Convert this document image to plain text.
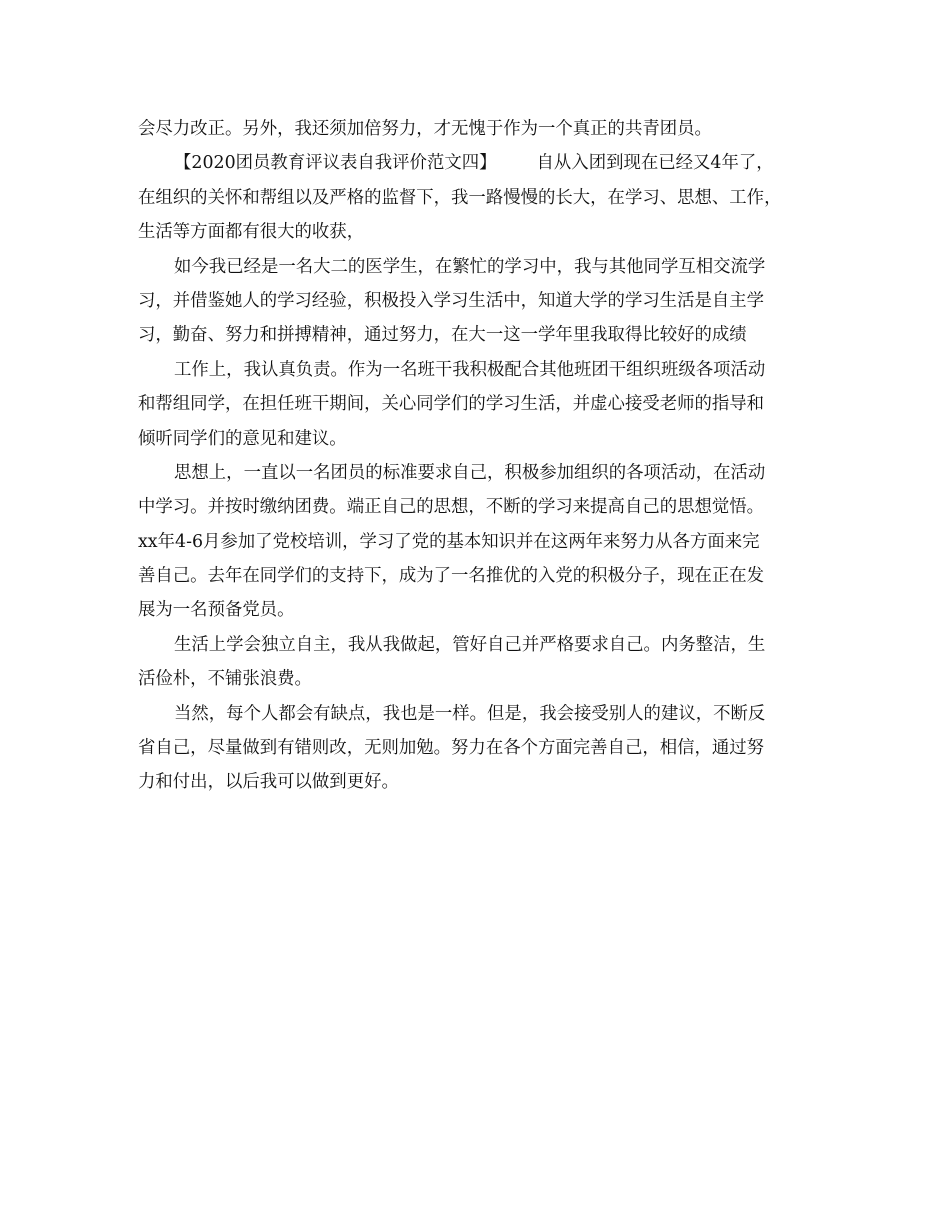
会尽力改正。另外，我还须加倍努力，才无愧于作为一个真正的共青团员。
【2020团员教育评议表自我评价范文四】 自从入团到现在已经又4年了，
在组织的关怀和帮组以及严格的监督下，我一路慢慢的长大，在学习、思想、工作，
生活等方面都有很大的收获，
如今我已经是一名大二的医学生，在繁忙的学习中，我与其他同学互相交流学
习，并借鉴她人的学习经验，积极投入学习生活中，知道大学的学习生活是自主学
习，勤奋、努力和拼搏精神，通过努力，在大一这一学年里我取得比较好的成绩
工作上，我认真负责。作为一名班干我积极配合其他班团干组织班级各项活动
和帮组同学，在担任班干期间，关心同学们的学习生活，并虚心接受老师的指导和
倾听同学们的意见和建议。
思想上，一直以一名团员的标准要求自己，积极参加组织的各项活动，在活动
中学习。并按时缴纳团费。端正自己的思想，不断的学习来提高自己的思想觉悟。
xx年4-6月参加了党校培训，学习了党的基本知识并在这两年来努力从各方面来完
善自己。去年在同学们的支持下，成为了一名推优的入党的积极分子，现在正在发
展为一名预备党员。
生活上学会独立自主，我从我做起，管好自己并严格要求自己。内务整洁，生
活俭朴，不铺张浪费。
当然，每个人都会有缺点，我也是一样。但是，我会接受别人的建议，不断反
省自己，尽量做到有错则改，无则加勉。努力在各个方面完善自己，相信，通过努
力和付出，以后我可以做到更好。
